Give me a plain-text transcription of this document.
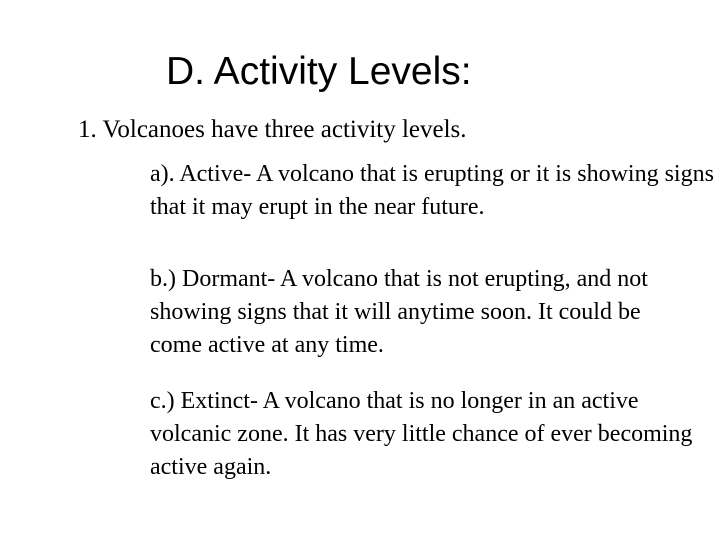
D. Activity Levels:

1. Volcanoes have three activity levels.

a). Active- A volcano that is erupting or it is showing signs that it may erupt in the near future.

b.) Dormant- A volcano that is not erupting, and not showing signs that it will anytime soon. It could be come active at any time.

c.) Extinct- A volcano that is no longer in an active volcanic zone. It has very little chance of ever becoming active again.
